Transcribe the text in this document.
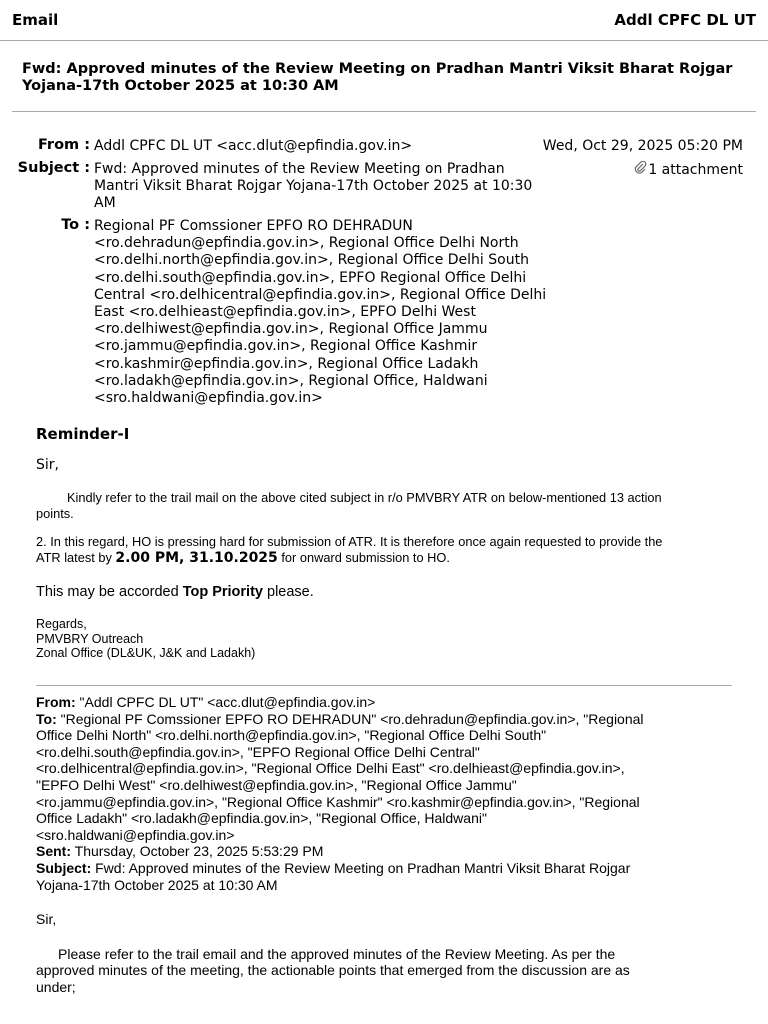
Email	Addl CPFC DL UT
Fwd: Approved minutes of the Review Meeting on Pradhan Mantri Viksit Bharat Rojgar Yojana-17th October 2025 at 10:30 AM
From : Addl CPFC DL UT <acc.dlut@epfindia.gov.in>	Wed, Oct 29, 2025 05:20 PM
Subject : Fwd: Approved minutes of the Review Meeting on Pradhan
Mantri Viksit Bharat Rojgar Yojana-17th October 2025 at 10:30
AM
1 attachment
To : Regional PF Comssioner EPFO RO DEHRADUN
<ro.dehradun@epfindia.gov.in>, Regional Office Delhi North
<ro.delhi.north@epfindia.gov.in>, Regional Office Delhi South
<ro.delhi.south@epfindia.gov.in>, EPFO Regional Office Delhi
Central <ro.delhicentral@epfindia.gov.in>, Regional Office Delhi
East <ro.delhieast@epfindia.gov.in>, EPFO Delhi West
<ro.delhiwest@epfindia.gov.in>, Regional Office Jammu
<ro.jammu@epfindia.gov.in>, Regional Office Kashmir
<ro.kashmir@epfindia.gov.in>, Regional Office Ladakh
<ro.ladakh@epfindia.gov.in>, Regional Office, Haldwani
<sro.haldwani@epfindia.gov.in>
Reminder-I
Sir,
Kindly refer to the trail mail on the above cited subject in r/o PMVBRY ATR on below-mentioned 13 action
points.
2. In this regard, HO is pressing hard for submission of ATR. It is therefore once again requested to provide the
ATR latest by 2.00 PM, 31.10.2025 for onward submission to HO.
This may be accorded Top Priority please.
Regards,
PMVBRY Outreach
Zonal Office (DL&UK, J&K and Ladakh)
From: "Addl CPFC DL UT" <acc.dlut@epfindia.gov.in>
To: "Regional PF Comssioner EPFO RO DEHRADUN" <ro.dehradun@epfindia.gov.in>, "Regional
Office Delhi North" <ro.delhi.north@epfindia.gov.in>, "Regional Office Delhi South"
<ro.delhi.south@epfindia.gov.in>, "EPFO Regional Office Delhi Central"
<ro.delhicentral@epfindia.gov.in>, "Regional Office Delhi East" <ro.delhieast@epfindia.gov.in>,
"EPFO Delhi West" <ro.delhiwest@epfindia.gov.in>, "Regional Office Jammu"
<ro.jammu@epfindia.gov.in>, "Regional Office Kashmir" <ro.kashmir@epfindia.gov.in>, "Regional
Office Ladakh" <ro.ladakh@epfindia.gov.in>, "Regional Office, Haldwani"
<sro.haldwani@epfindia.gov.in>
Sent: Thursday, October 23, 2025 5:53:29 PM
Subject: Fwd: Approved minutes of the Review Meeting on Pradhan Mantri Viksit Bharat Rojgar
Yojana-17th October 2025 at 10:30 AM
Sir,
Please refer to the trail email and the approved minutes of the Review Meeting. As per the
approved minutes of the meeting, the actionable points that emerged from the discussion are as
under;
